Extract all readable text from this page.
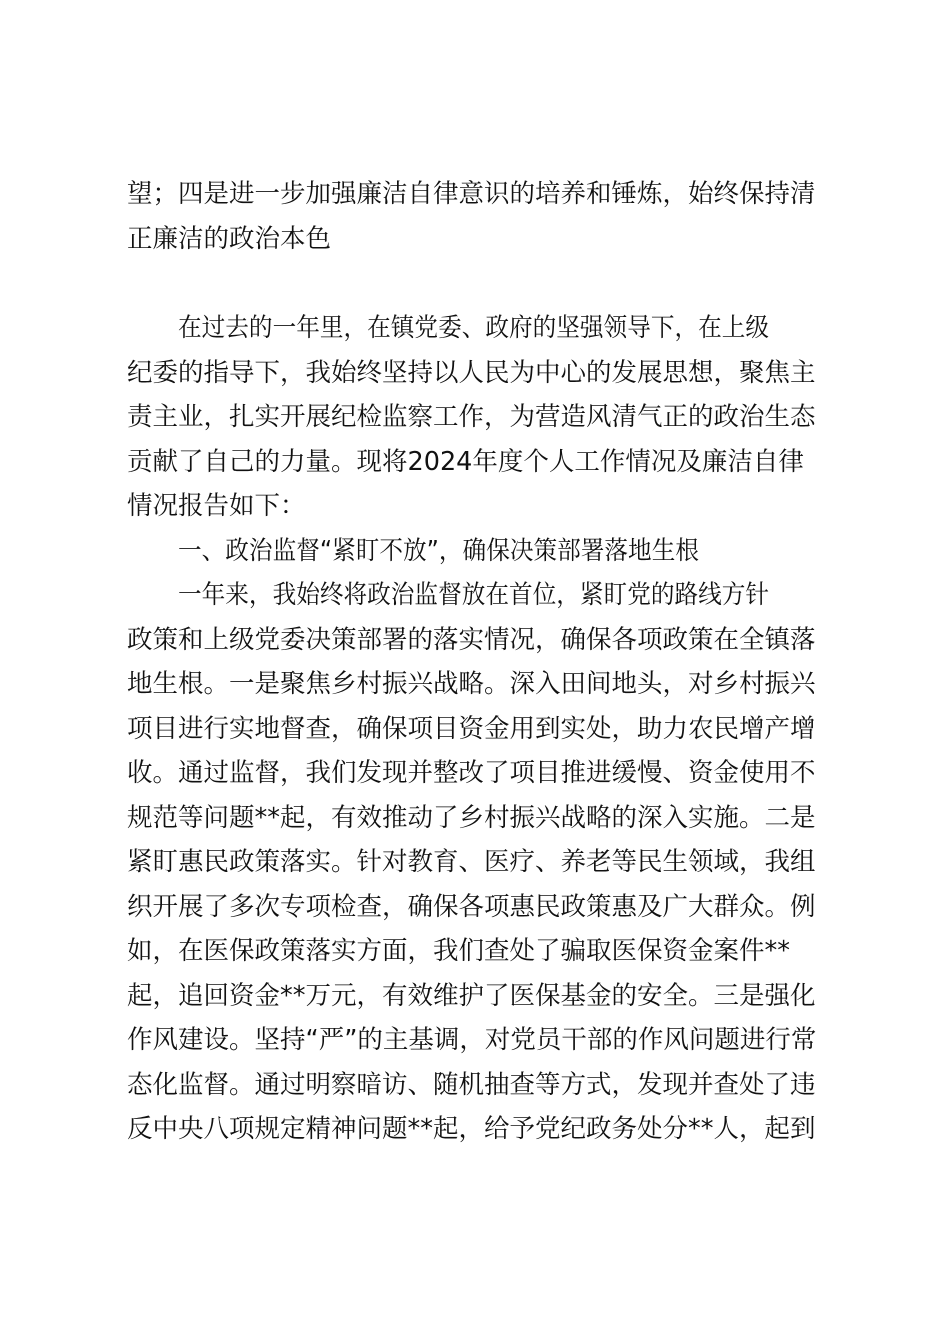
望；四是进一步加强廉洁自律意识的培养和锤炼，始终保持清

正廉洁的政治本色

在过去的一年里，在镇党委、政府的坚强领导下，在上级

纪委的指导下，我始终坚持以人民为中心的发展思想，聚焦主

责主业，扎实开展纪检监察工作，为营造风清气正的政治生态

贡献了自己的力量。现将2024年度个人工作情况及廉洁自律

情况报告如下：

一、政治监督“紧盯不放”，确保决策部署落地生根

一年来，我始终将政治监督放在首位，紧盯党的路线方针

政策和上级党委决策部署的落实情况，确保各项政策在全镇落

地生根。一是聚焦乡村振兴战略。深入田间地头，对乡村振兴

项目进行实地督查，确保项目资金用到实处，助力农民增产增

收。通过监督，我们发现并整改了项目推进缓慢、资金使用不

规范等问题**起，有效推动了乡村振兴战略的深入实施。二是

紧盯惠民政策落实。针对教育、医疗、养老等民生领域，我组

织开展了多次专项检查，确保各项惠民政策惠及广大群众。例

如，在医保政策落实方面，我们查处了骗取医保资金案件**

起，追回资金**万元，有效维护了医保基金的安全。三是强化

作风建设。坚持“严”的主基调，对党员干部的作风问题进行常

态化监督。通过明察暗访、随机抽查等方式，发现并查处了违

反中央八项规定精神问题**起，给予党纪政务处分**人，起到
